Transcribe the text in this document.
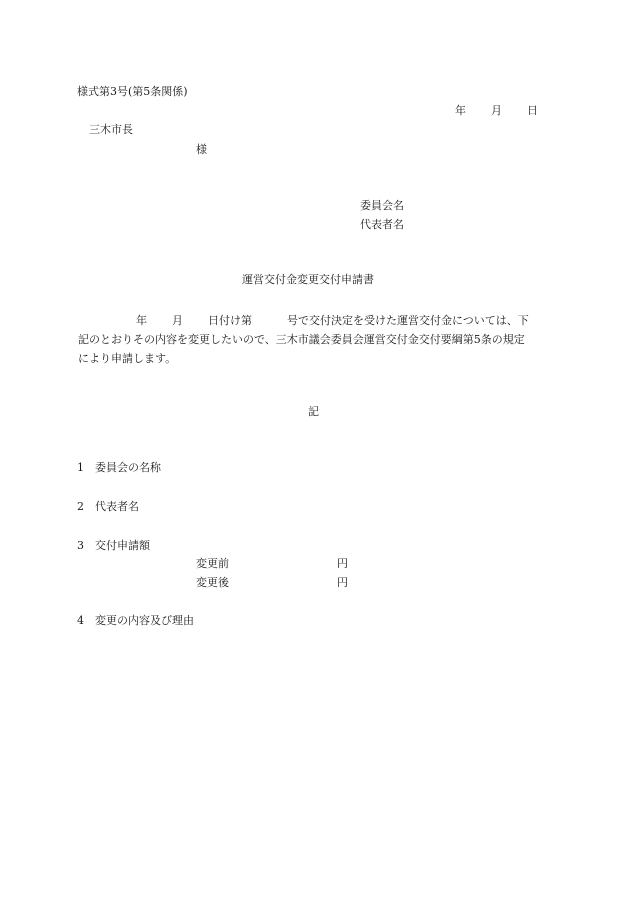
様式第3号(第5条関係)

年 月 日

三木市長

様

委員会名

代表者名

運営交付金変更交付申請書

年 月 日付け第	号で交付決定を受けた運営交付金については、下
記のとおりその内容を変更したいので、三木市議会委員会運営交付金交付要綱第5条の規定
により申請します。

記

1　委員会の名称

2　代表者名

3　交付申請額

変更前	円

変更後	円

4　変更の内容及び理由
